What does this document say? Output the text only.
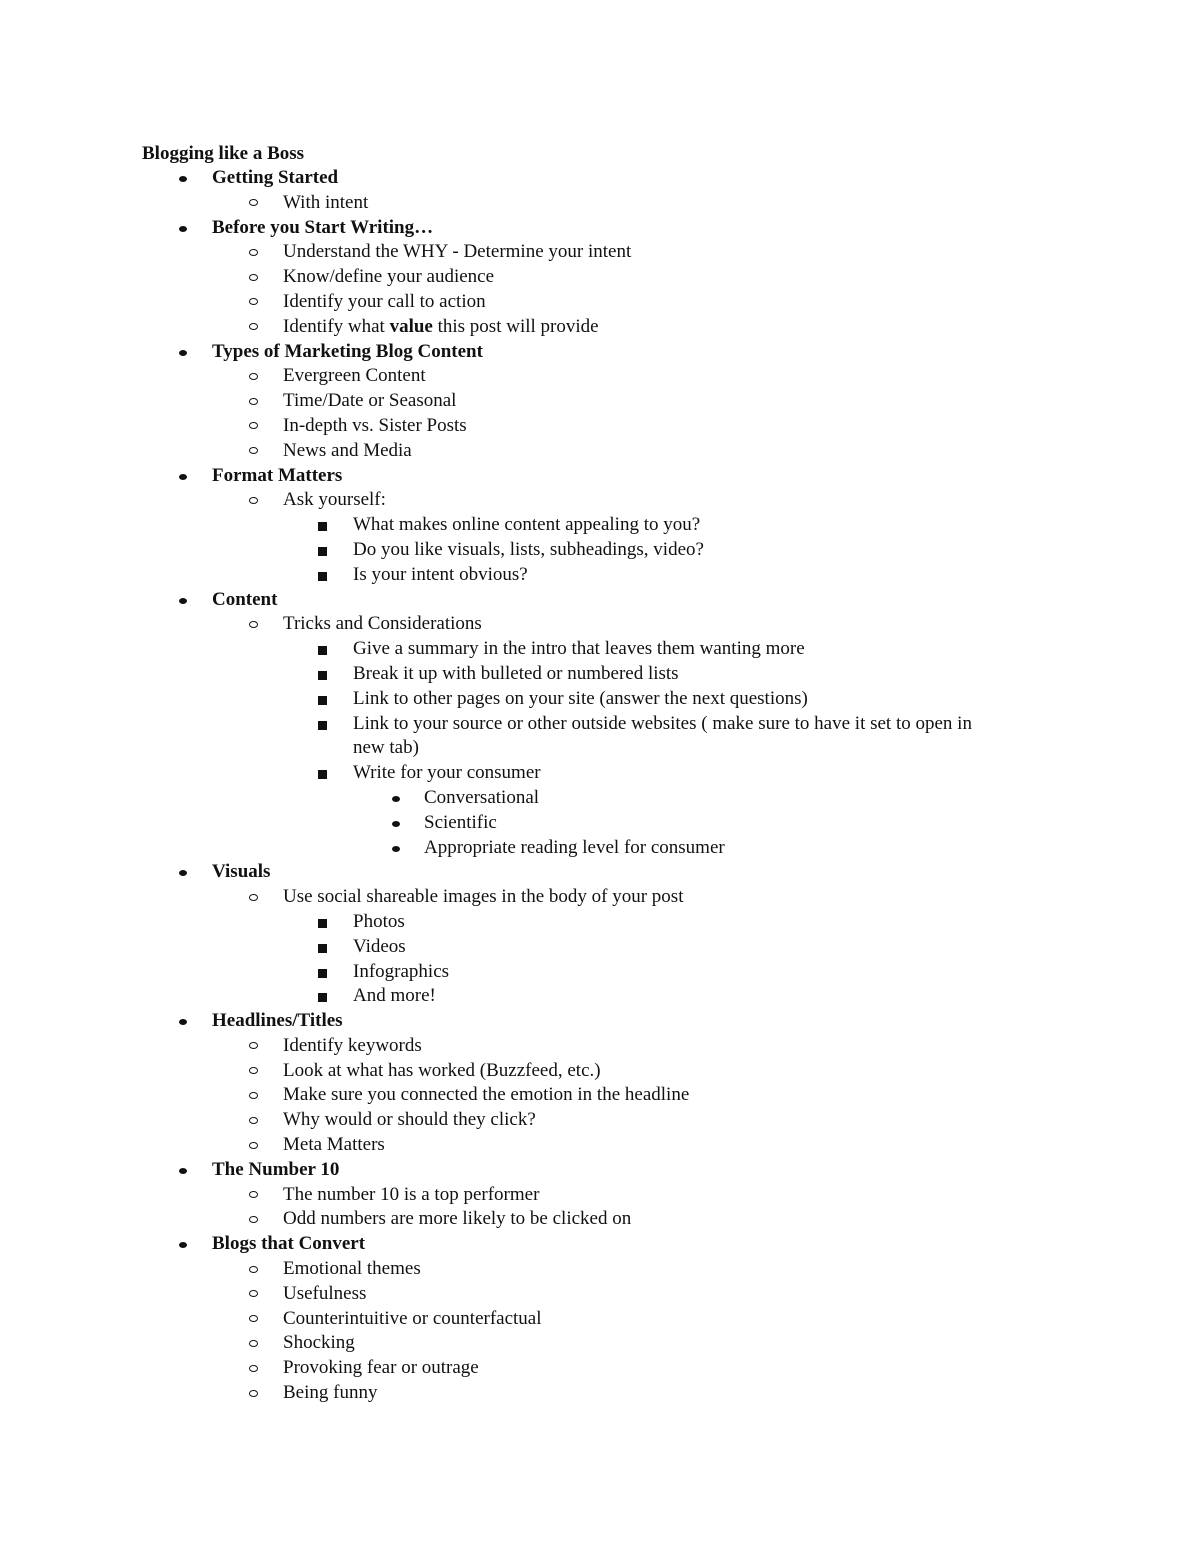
Blogging like a Boss
Getting Started
With intent
Before you Start Writing…
Understand the WHY - Determine your intent
Know/define your audience
Identify your call to action
Identify what value this post will provide
Types of Marketing Blog Content
Evergreen Content
Time/Date or Seasonal
In-depth vs. Sister Posts
News and Media
Format Matters
Ask yourself:
What makes online content appealing to you?
Do you like visuals, lists, subheadings, video?
Is your intent obvious?
Content
Tricks and Considerations
Give a summary in the intro that leaves them wanting more
Break it up with bulleted or numbered lists
Link to other pages on your site (answer the next questions)
Link to your source or other outside websites ( make sure to have it set to open in
new tab)
Write for your consumer
Conversational
Scientific
Appropriate reading level for consumer
Visuals
Use social shareable images in the body of your post
Photos
Videos
Infographics
And more!
Headlines/Titles
Identify keywords
Look at what has worked (Buzzfeed, etc.)
Make sure you connected the emotion in the headline
Why would or should they click?
Meta Matters
The Number 10
The number 10 is a top performer
Odd numbers are more likely to be clicked on
Blogs that Convert
Emotional themes
Usefulness
Counterintuitive or counterfactual
Shocking
Provoking fear or outrage
Being funny
